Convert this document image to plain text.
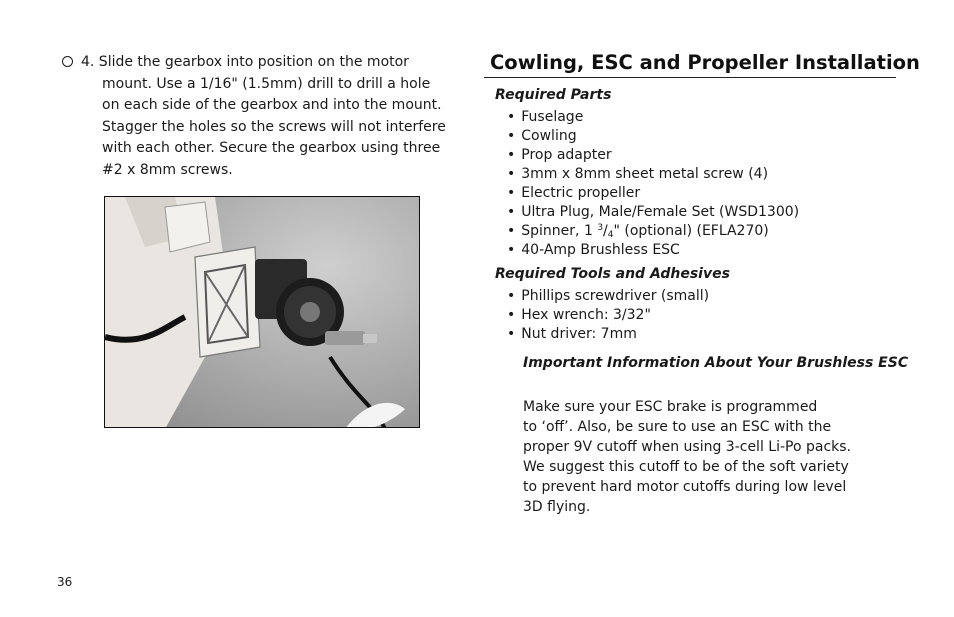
4. Slide the gearbox into position on the motor
mount. Use a 1/16" (1.5mm) drill to drill a hole
on each side of the gearbox and into the mount.
Stagger the holes so the screws will not interfere
with each other. Secure the gearbox using three
#2 x 8mm screws.
Cowling, ESC and Propeller Installation
Required Parts
• Fuselage
• Cowling
• Prop adapter
• 3mm x 8mm sheet metal screw (4)
• Electric propeller
• Ultra Plug, Male/Female Set (WSD1300)
• Spinner, 1 $^3/_4$" (optional) (EFLA270)
• 40-Amp Brushless ESC
Required Tools and Adhesives
• Phillips screwdriver (small)
• Hex wrench: 3/32"
• Nut driver: 7mm
Important Information About Your Brushless ESC
Make sure your ESC brake is programmed
to ‘off’. Also, be sure to use an ESC with the
proper 9V cutoff when using 3-cell Li-Po packs.
We suggest this cutoff to be of the soft variety
to prevent hard motor cutoffs during low level
3D flying.
36
